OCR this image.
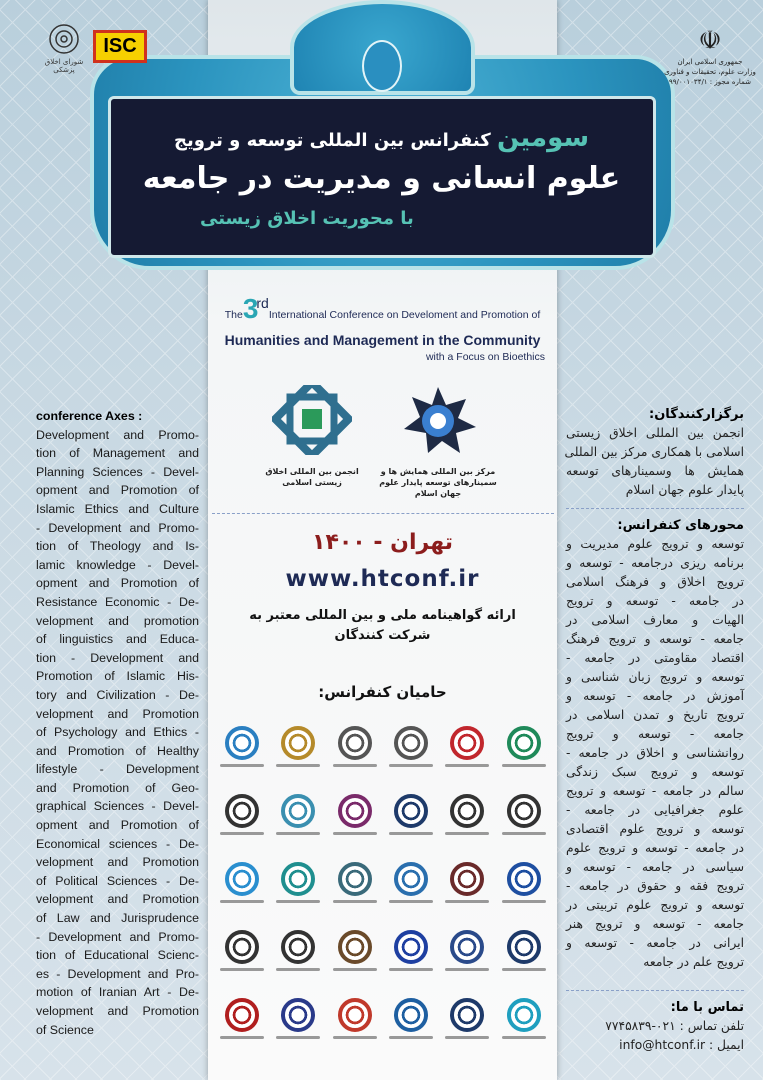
سومین کنفرانس بین المللی توسعه و ترویج
علوم انسانی و مدیریت در جامعه
با محوریت اخلاق زیستی
شورای اخلاق پزشکی
ISC	☫
جمهوری اسلامی ایران
وزارت علوم، تحقیقات و فناوری
شماره مجوز : ۹۹/۰۰۱۰۳۴/۱
The3rdInternational Conference on Develoment and Promotion of
Humanities and Management in the Community
with a Focus on Bioethics
مرکز بین المللی همایش ها و سمینارهای توسعه پایدار علوم جهان اسلام
انجمن بین المللی اخلاق زیستی اسلامی
تهران - ۱۴۰۰
www.htconf.ir
ارائه گواهینامه ملی و بین المللی معتبر به شرکت کنندگان
حامیان کنفرانس:
conference Axes :
Development and Promo-
tion of Management and
Planning Sciences - Devel-
opment and Promotion of
Islamic Ethics and Culture
- Development and Promo-
tion of Theology and Is-
lamic knowledge - Devel-
opment and Promotion of
Resistance Economic - De-
velopment and promotion
of linguistics and Educa-
tion - Development and
Promotion of Islamic His-
tory and Civilization - De-
velopment and Promotion
of Psychology and Ethics -
and Promotion of Healthy
lifestyle - Development
and Promotion of Geo-
graphical Sciences - Devel-
opment and Promotion of
Economical sciences - De-
velopment and Promotion
of Political Sciences - De-
velopment and Promotion
of Law and Jurisprudence
- Development and Promo-
tion of Educational Scienc-
es - Development and Pro-
motion of Iranian Art - De-
velopment and Promotion
of Science
برگزارکنندگان:
انجمن بین المللی اخلاق زیستی
اسلامی با همکاری مرکز بین المللی
همایش ها وسمینارهای توسعه
پایدار علوم جهان اسلام
محورهای کنفرانس:
توسعه و ترویج علوم مدیریت و
برنامه ریزی درجامعه - توسعه و
ترویج اخلاق و فرهنگ اسلامی
در جامعه - توسعه و ترویج
الهیات و معارف اسلامی در
جامعه - توسعه و ترویج فرهنگ
اقتصاد مقاومتی در جامعه -
توسعه و ترویج زبان شناسی و
آموزش در جامعه - توسعه و
ترویج تاریخ و تمدن اسلامی در
جامعه - توسعه و ترویج
روانشناسی و اخلاق در جامعه -
توسعه و ترویج سبک زندگی
سالم در جامعه - توسعه و ترویج
علوم جغرافیایی در جامعه -
توسعه و ترویج علوم اقتصادی
در جامعه - توسعه و ترویج علوم
سیاسی در جامعه - توسعه و
ترویج فقه و حقوق در جامعه -
توسعه و ترویج علوم تربیتی در
جامعه - توسعه و ترویج هنر
ایرانی در جامعه - توسعه و
ترویج علم در جامعه
تماس با ما:
تلفن تماس : ۰۲۱-۷۷۴۵۸۳۹
ایمیل : info@htconf.ir
